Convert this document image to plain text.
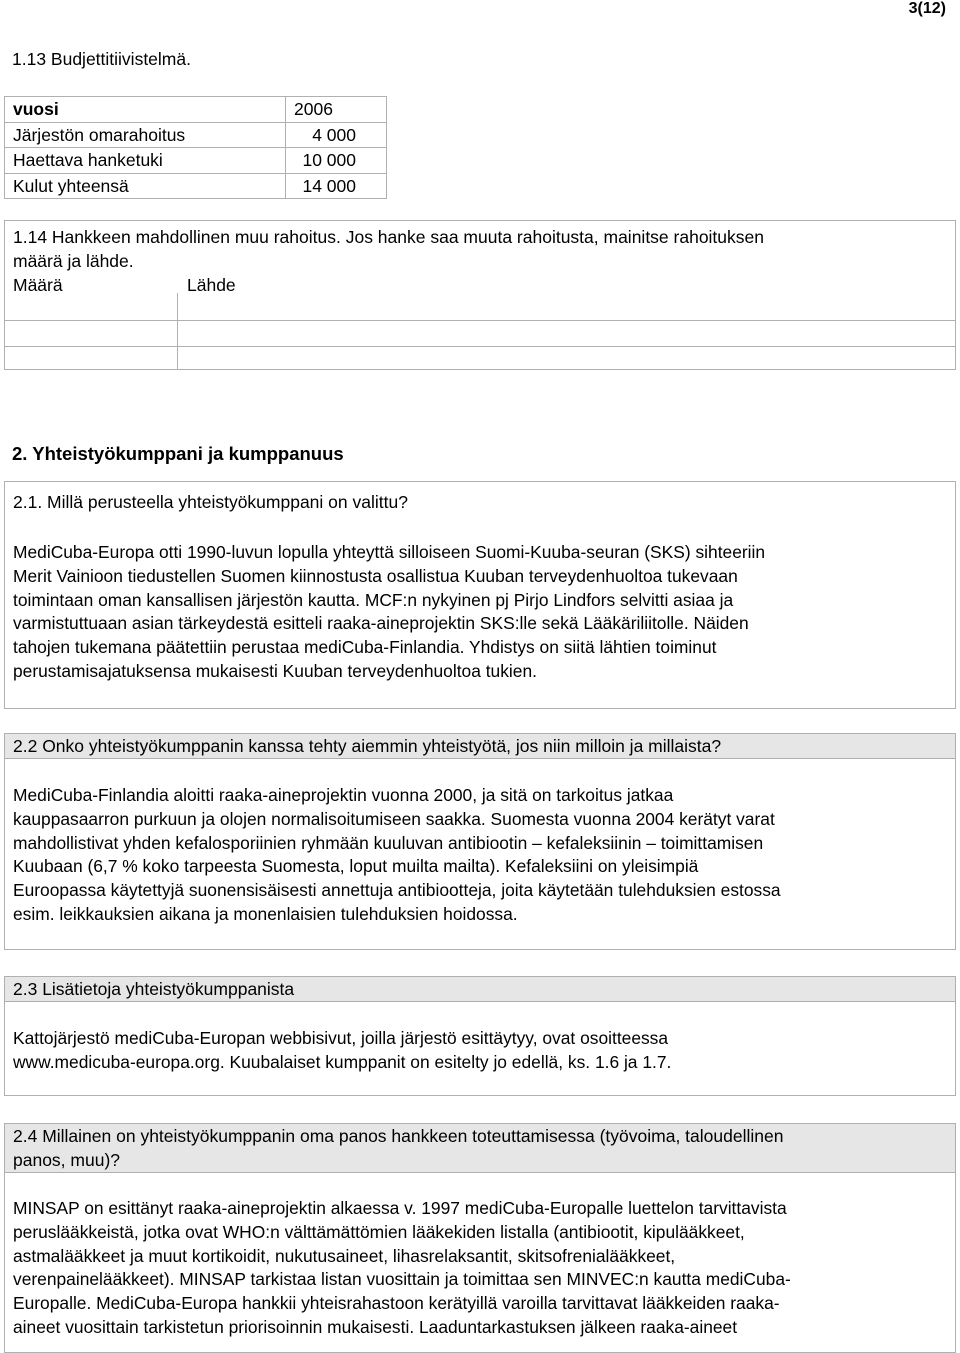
3(12)
1.13 Budjettitiivistelmä.
vuosi	2006	
Järjestön omarahoitus	4 000	
Haettava hanketuki	10 000	
Kulut yhteensä	14 000	
1.14 Hankkeen mahdollinen muu rahoitus. Jos hanke saa muuta rahoitusta, mainitse rahoituksen
määrä ja lähde.
Määrä	Lähde

2. Yhteistyökumppani ja kumppanuus
2.1. Millä perusteella yhteistyökumppani on valittu?
MediCuba-Europa otti 1990-luvun lopulla yhteyttä silloiseen Suomi-Kuuba-seuran (SKS) sihteeriin
Merit Vainioon tiedustellen Suomen kiinnostusta osallistua Kuuban terveydenhuoltoa tukevaan
toimintaan oman kansallisen järjestön kautta. MCF:n nykyinen pj Pirjo Lindfors selvitti asiaa ja
varmistuttuaan asian tärkeydestä esitteli raaka-aineprojektin SKS:lle sekä Lääkäriliitolle. Näiden
tahojen tukemana päätettiin perustaa mediCuba-Finlandia. Yhdistys on siitä lähtien toiminut
perustamisajatuksensa mukaisesti Kuuban terveydenhuoltoa tukien.
2.2 Onko yhteistyökumppanin kanssa tehty aiemmin yhteistyötä, jos niin milloin ja millaista?
MediCuba-Finlandia aloitti raaka-aineprojektin vuonna 2000, ja sitä on tarkoitus jatkaa
kauppasaarron purkuun ja olojen normalisoitumiseen saakka. Suomesta vuonna 2004 kerätyt varat
mahdollistivat yhden kefalosporiinien ryhmään kuuluvan antibiootin – kefaleksiinin – toimittamisen
Kuubaan (6,7 % koko tarpeesta Suomesta, loput muilta mailta). Kefaleksiini on yleisimpiä
Euroopassa käytettyjä suonensisäisesti annettuja antibiootteja, joita käytetään tulehduksien estossa
esim. leikkauksien aikana ja monenlaisien tulehduksien hoidossa.
2.3 Lisätietoja yhteistyökumppanista
Kattojärjestö mediCuba-Europan webbisivut, joilla järjestö esittäytyy, ovat osoitteessa
www.medicuba-europa.org. Kuubalaiset kumppanit on esitelty jo edellä, ks. 1.6 ja 1.7.
2.4 Millainen on yhteistyökumppanin oma panos hankkeen toteuttamisessa (työvoima, taloudellinen
panos, muu)?
MINSAP on esittänyt raaka-aineprojektin alkaessa v. 1997 mediCuba-Europalle luettelon tarvittavista
peruslääkkeistä, jotka ovat WHO:n välttämättömien lääkekiden listalla (antibiootit, kipulääkkeet,
astmalääkkeet ja muut kortikoidit, nukutusaineet, lihasrelaksantit, skitsofrenialääkkeet,
verenpainelääkkeet). MINSAP tarkistaa listan vuosittain ja toimittaa sen MINVEC:n kautta mediCuba-
Europalle. MediCuba-Europa hankkii yhteisrahastoon kerätyillä varoilla tarvittavat lääkkeiden raaka-
aineet vuosittain tarkistetun priorisoinnin mukaisesti. Laaduntarkastuksen jälkeen raaka-aineet
